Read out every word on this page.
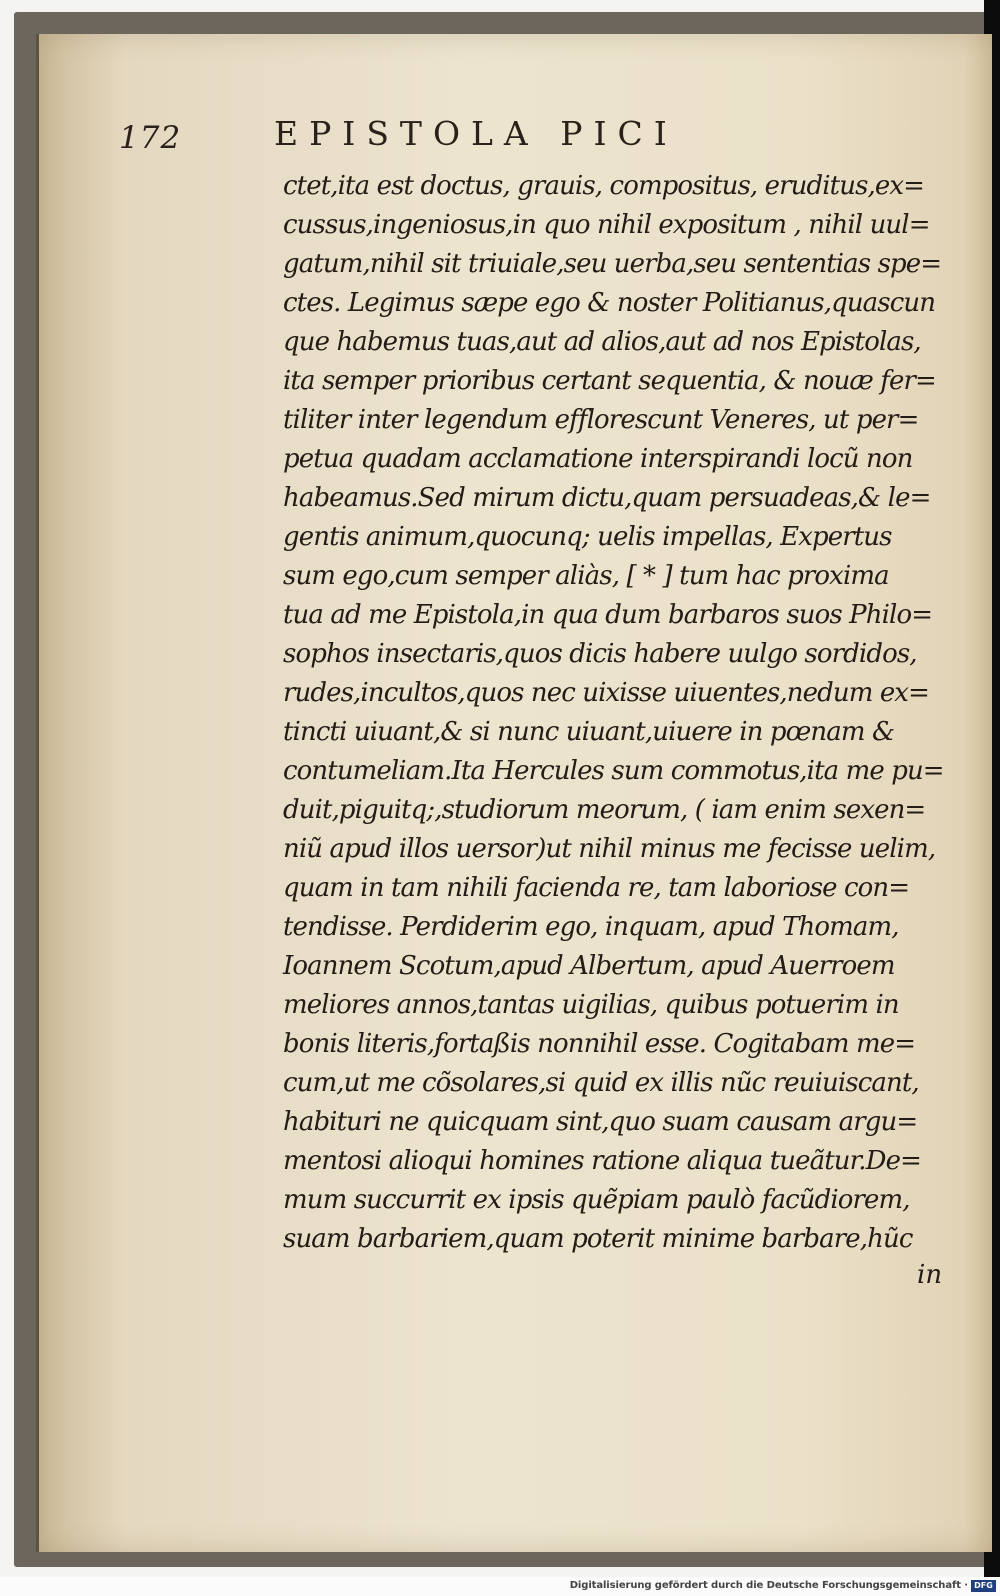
172	EPISTOLA PICI
ctet,ita est doctus, grauis, compositus, eruditus,ex=
cussus,ingeniosus,in quo nihil expositum , nihil uul=
gatum,nihil sit triuiale,seu uerba,seu sententias spe=
ctes. Legimus sæpe ego & noster Politianus,quascun
que habemus tuas,aut ad alios,aut ad nos Epistolas,
ita semper prioribus certant sequentia, & nouæ fer=
tiliter inter legendum efflorescunt Veneres, ut per=
petua quadam acclamatione interspirandi locũ non
habeamus.Sed mirum dictu,quam persuadeas,& le=
gentis animum,quocunq; uelis impellas, Expertus
sum ego,cum semper aliàs, [ * ] tum hac proxima
tua ad me Epistola,in qua dum barbaros suos Philo=
sophos insectaris,quos dicis habere uulgo sordidos,
rudes,incultos,quos nec uixisse uiuentes,nedum ex=
tincti uiuant,& si nunc uiuant,uiuere in pœnam &
contumeliam.Ita Hercules sum commotus,ita me pu=
duit,piguitq;,studiorum meorum, ( iam enim sexen=
niũ apud illos uersor)ut nihil minus me fecisse uelim,
quam in tam nihili facienda re, tam laboriose con=
tendisse. Perdiderim ego, inquam, apud Thomam,
Ioannem Scotum,apud Albertum, apud Auerroem
meliores annos,tantas uigilias, quibus potuerim in
bonis literis,fortaßis nonnihil esse. Cogitabam me=
cum,ut me cõsolares,si quid ex illis nũc reuiuiscant,
habituri ne quicquam sint,quo suam causam argu=
mentosi alioqui homines ratione aliqua tueãtur.De=
mum succurrit ex ipsis quẽpiam paulò facũdiorem,
suam barbariem,quam poterit minime barbare,hũc
in
Digitalisierung gefördert durch die Deutsche Forschungsgemeinschaft · DFG
